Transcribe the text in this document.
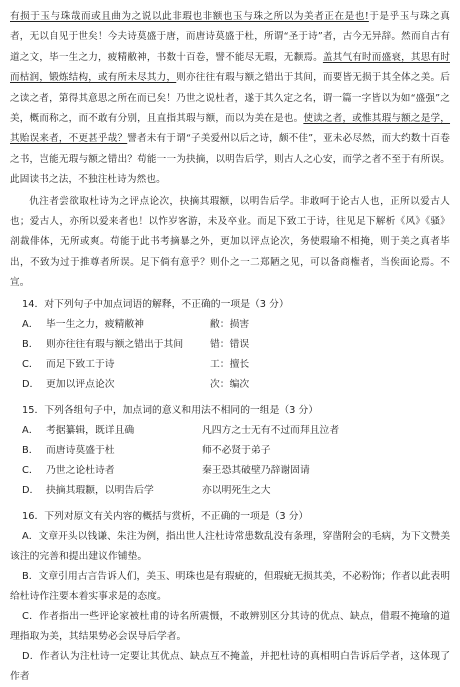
有损于玉与珠哉而或且曲为之说以此非瑕也非额也玉与珠之所以为美者正在是也!于是乎玉与珠之真者，无以自见于世矣！今夫诗莫盛于唐，而唐诗莫盛于杜，所谓“圣于诗”者，古今无异辞。然而自古有道之文，毕一生之力，疲精敝神，书数十百卷，譬不能尽无瑕，无颣焉。盖其气有时而盛衰，其思有时而枯润，锻炼结构，或有所未尽其力，则亦往往有瑕与额之错出于其间，而要皆无损于其全体之美。后之读之者，第得其意思之所在而已矣！乃世之说杜者，遂于其久定之名，谓一篇一字皆以为如“盛强”之美，概而称之，而不敢有分别，且直指其瑕与额，而以为美在是也。使读之者，或惟其瑕与额之是学，其贻误来者，不更甚乎哉？譬者未有于谓“子美爱州以后之诗，颇不佳”，亚未必尽然，而大约数十百卷之书，岂能无瑕与额之错出？苟能一一为抉摘，以明告后学，则古人之心安，而学之者不至于有所误。此固读书之法，不独注杜诗为然也。

仇注者尝欲取杜诗为之评点论次，抉摘其瑕额，以明告后学。非敢呵于论古人也，正所以爱古人也；爱古人，亦所以爱来者也！以怍岁客游，未及卒业。而足下致工于诗，往见足下解析《风》《骚》剖裁俳体，无所或爽。苟能于此书考摘暴之外，更加以评点论次，务使瑕瑜不相掩，则于美之真者毕出，不致为过于推尊者所误。足下倘有意乎？则仆之一二郑陋之见，可以备商権者，当俟面论焉。不宣。

14．对下列句子中加点词语的解释，不正确的一项是（3 分）

A． 毕一生之力，疲精敝神	敝：损害
B． 则亦往往有瑕与额之错出于其间	错：错误
C． 而足下致工于诗	工：擅长
D． 更加以评点论次	次：编次

15．下列各组句子中，加点词的意义和用法不相同的一组是（3 分）

A． 考据纂辑，既详且确	凡四方之士无有不过而拜且泣者
B． 而唐诗莫盛于杜	师不必贤于弟子
C． 乃世之论杜诗者	秦王恐其破壁乃辞谢固请
D． 抉摘其瑕颣，以明告后学	亦以明死生之大

16．下列对原文有关内容的概括与赏析，不正确的一项是（3 分）

A．文章开头以钱谦、朱注为例，指出世人注杜诗常患数乱没有条理，穿凿附会的毛病，为下文赞美该注的完善和提出建议作铺垫。

B．文章引用古言告诉人们，美玉、明珠也是有瑕疵的，但瑕疵无损其美，不必粉饰；作者以此表明给杜诗作注要本着实事求是的态度。

C．作者指出一些评论家被杜甫的诗名所震慑，不敢辨别区分其诗的优点、缺点，借瑕不掩瑜的道理指取为美，其结果势必会误导后学者。

D．作者认为注杜诗一定要让其优点、缺点互不掩盖，并把杜诗的真相明白告诉后学者，这体现了作者
